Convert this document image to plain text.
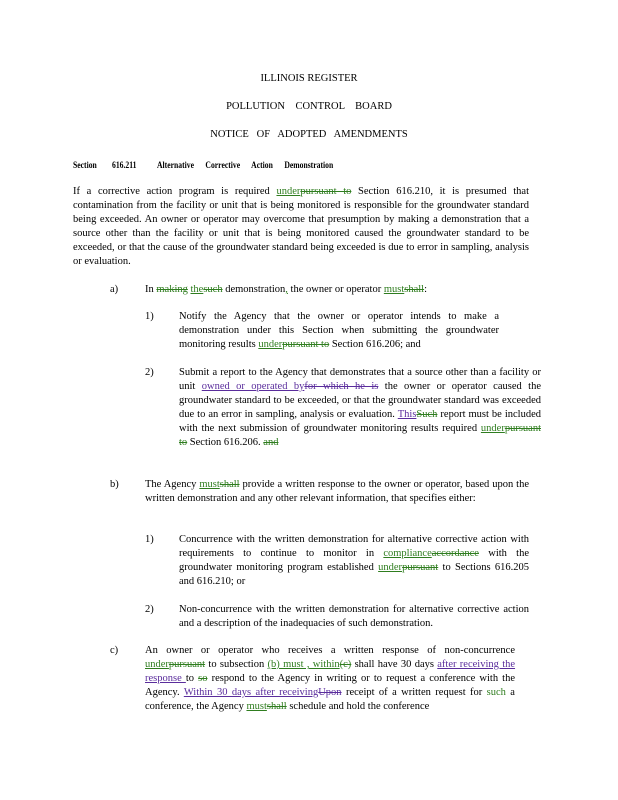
ILLINOIS REGISTER
POLLUTION    CONTROL    BOARD
NOTICE   OF   ADOPTED   AMENDMENTS
Section 616.211 Alternative      Corrective      Action      Demonstration
If a corrective action program is required underpursuant to Section 616.210, it is presumed that contamination from the facility or unit that is being monitored is responsible for the groundwater standard being exceeded. An owner or operator may overcome that presumption by making a demonstration that a source other than the facility or unit that is being monitored caused the groundwater standard to be exceeded, or that the cause of the groundwater standard being exceeded is due to error in sampling, analysis or evaluation.
a)	In making thesuch demonstration, the owner or operator mustshall:
1) Notify the Agency that the owner or operator intends to make a demonstration under this Section when submitting the groundwater monitoring results underpursuant to Section 616.206; and
2) Submit a report to the Agency that demonstrates that a source other than a facility or unit owned or operated byfor which he is the owner or operator caused the groundwater standard to be exceeded, or that the groundwater standard was exceeded due to an error in sampling, analysis or evaluation. ThisSuch report must be included with the next submission of groundwater monitoring results required underpursuant to Section 616.206. and
b)	The Agency mustshall provide a written response to the owner or operator, based upon the written demonstration and any other relevant information, that specifies either:
1) Concurrence with the written demonstration for alternative corrective action with requirements to continue to monitor in complianceaccordance with the groundwater monitoring program established underpursuant to Sections 616.205 and 616.210; or
2) Non-concurrence with the written demonstration for alternative corrective action and a description of the inadequacies of such demonstration.
c)	An owner or operator who receives a written response of non-concurrence underpursuant to subsection (b) must , within(c) shall have 30 days after receiving the response to so respond to the Agency in writing or to request a conference with the Agency. Within 30 days after receivingUpon receipt of a written request for such a conference, the Agency mustshall schedule and hold the conference
